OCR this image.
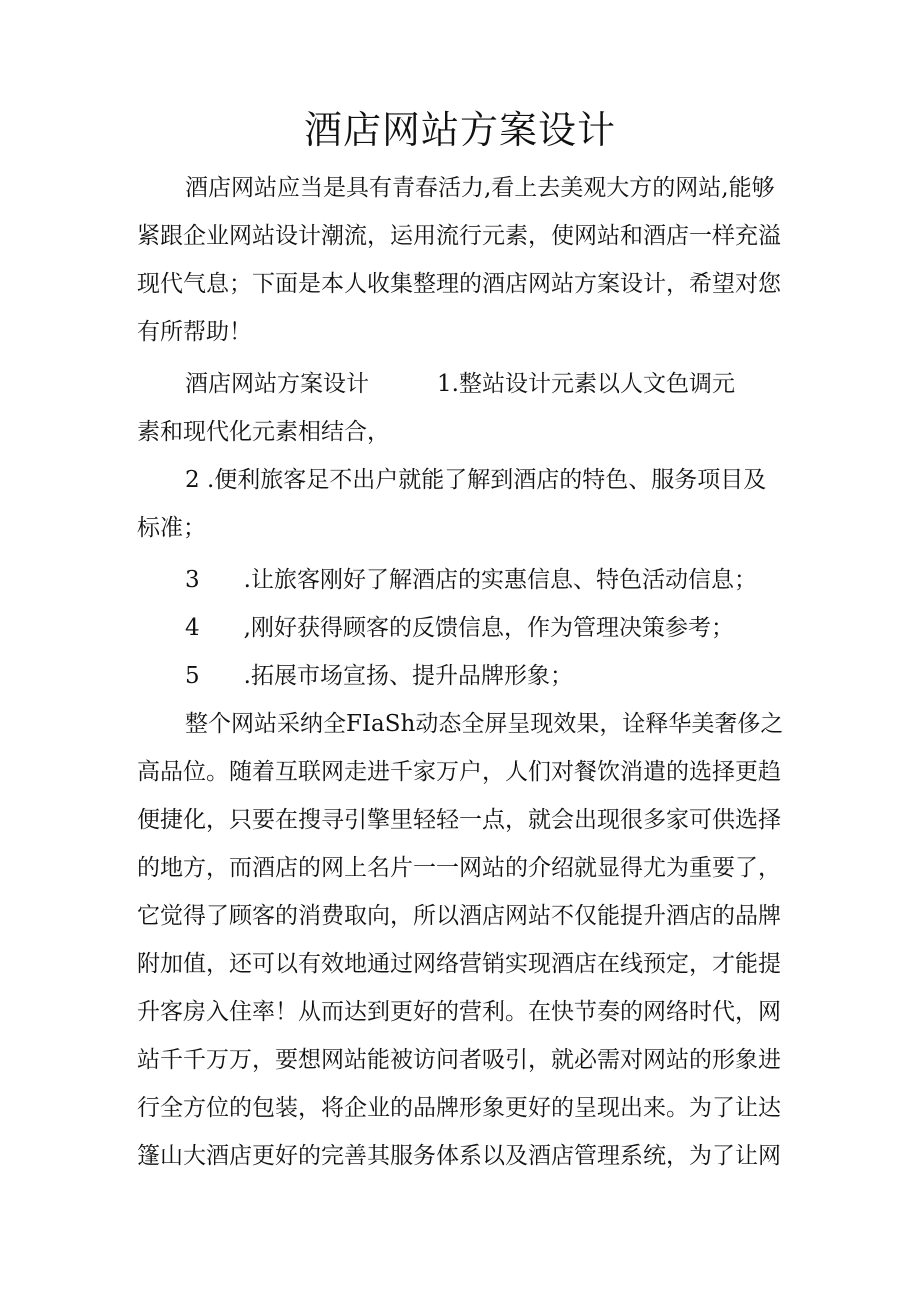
酒店网站方案设计
酒店网站应当是具有青春活力,看上去美观大方的网站,能够
紧跟企业网站设计潮流，运用流行元素，使网站和酒店一样充溢
现代气息；下面是本人收集整理的酒店网站方案设计，希望对您
有所帮助！
酒店网站方案设计	1.整站设计元素以人文色调元
素和现代化元素相结合，
2 .便利旅客足不出户就能了解到酒店的特色、服务项目及
标准；
3 .让旅客刚好了解酒店的实惠信息、特色活动信息；
4 ,刚好获得顾客的反馈信息，作为管理决策参考；
5 .拓展市场宣扬、提升品牌形象；
整个网站采纳全FIaSh动态全屏呈现效果，诠释华美奢侈之
高品位。随着互联网走进千家万户，人们对餐饮消遣的选择更趋
便捷化，只要在搜寻引擎里轻轻一点，就会出现很多家可供选择
的地方，而酒店的网上名片一一网站的介绍就显得尤为重要了，
它觉得了顾客的消费取向，所以酒店网站不仅能提升酒店的品牌
附加值，还可以有效地通过网络营销实现酒店在线预定，才能提
升客房入住率！从而达到更好的营利。在快节奏的网络时代，网
站千千万万，要想网站能被访问者吸引，就必需对网站的形象进
行全方位的包装，将企业的品牌形象更好的呈现出来。为了让达
篷山大酒店更好的完善其服务体系以及酒店管理系统，为了让网
